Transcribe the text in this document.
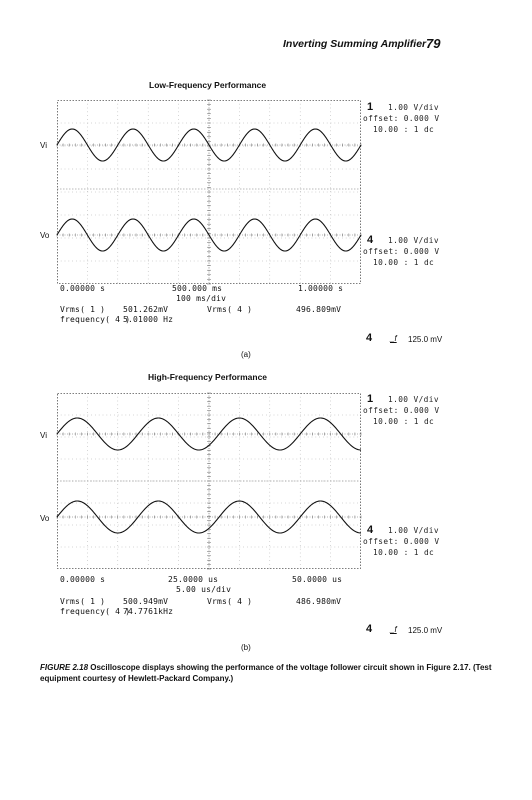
Inverting Summing Amplifier 79
Low-Frequency Performance
Vi
Vo
1 1.00 V/div
offset: 0.000 V
10.00 : 1 dc
4 1.00 V/div
offset: 0.000 V
10.00 : 1 dc
0.00000 s	500.000 ms	1.00000 s
100 ms/div
Vrms( 1 ) 501.262mV	Vrms( 4 )	496.809mV
frequency( 4 )
5.01000 Hz
4 _f 125.0 mV
(a)
High-Frequency Performance
Vi
Vo
1 1.00 V/div
offset: 0.000 V
10.00 : 1 dc
4 1.00 V/div
offset: 0.000 V
10.00 : 1 dc
0.00000 s	25.0000 us	50.0000 us
5.00 us/div
Vrms( 1 ) 500.949mV	Vrms( 4 )	486.980mV
frequency( 4 )
74.7761kHz
4 _f 125.0 mV
(b)
FIGURE 2.18 Oscilloscope displays showing the performance of the voltage follower circuit shown in Figure 2.17. (Test equipment courtesy of Hewlett-Packard Company.)
